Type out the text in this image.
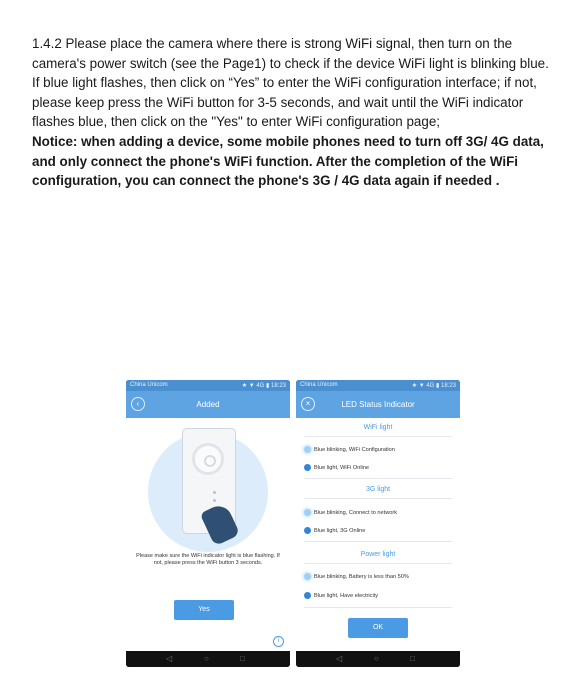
1.4.2 Please place the camera where there is strong WiFi signal, then turn on the camera's power switch (see the Page1) to check if the device WiFi light is blinking blue. If blue light flashes, then click on “Yes” to enter the WiFi configuration interface; if not, please keep press the WiFi button for 3-5 seconds, and wait until the WiFi indicator flashes blue, then click on the "Yes" to enter WiFi configuration page;

Notice: when adding a device, some mobile phones need to turn off 3G/ 4G data, and only connect the phone's WiFi function. After the completion of the WiFi configuration, you can connect the phone's 3G / 4G data again if needed .

China Unicom	★ ▼ 4G ▮ 18:23
‹	Added
Please make sure the WiFi indicator light is blue flashing. If not, please press the WiFi button 3 seconds.
Yes
i
◁	○	□
China Unicom	★ ▼ 4G ▮ 18:23
×	LED Status Indicator
WiFi light
Blue blinking, WiFi Configuration
Blue light, WiFi Online
3G light
Blue blinking, Connect to network
Blue light, 3G Online
Power light
Blue blinking, Battery is less than 50%
Blue light, Have electricity
OK
◁	○	□
